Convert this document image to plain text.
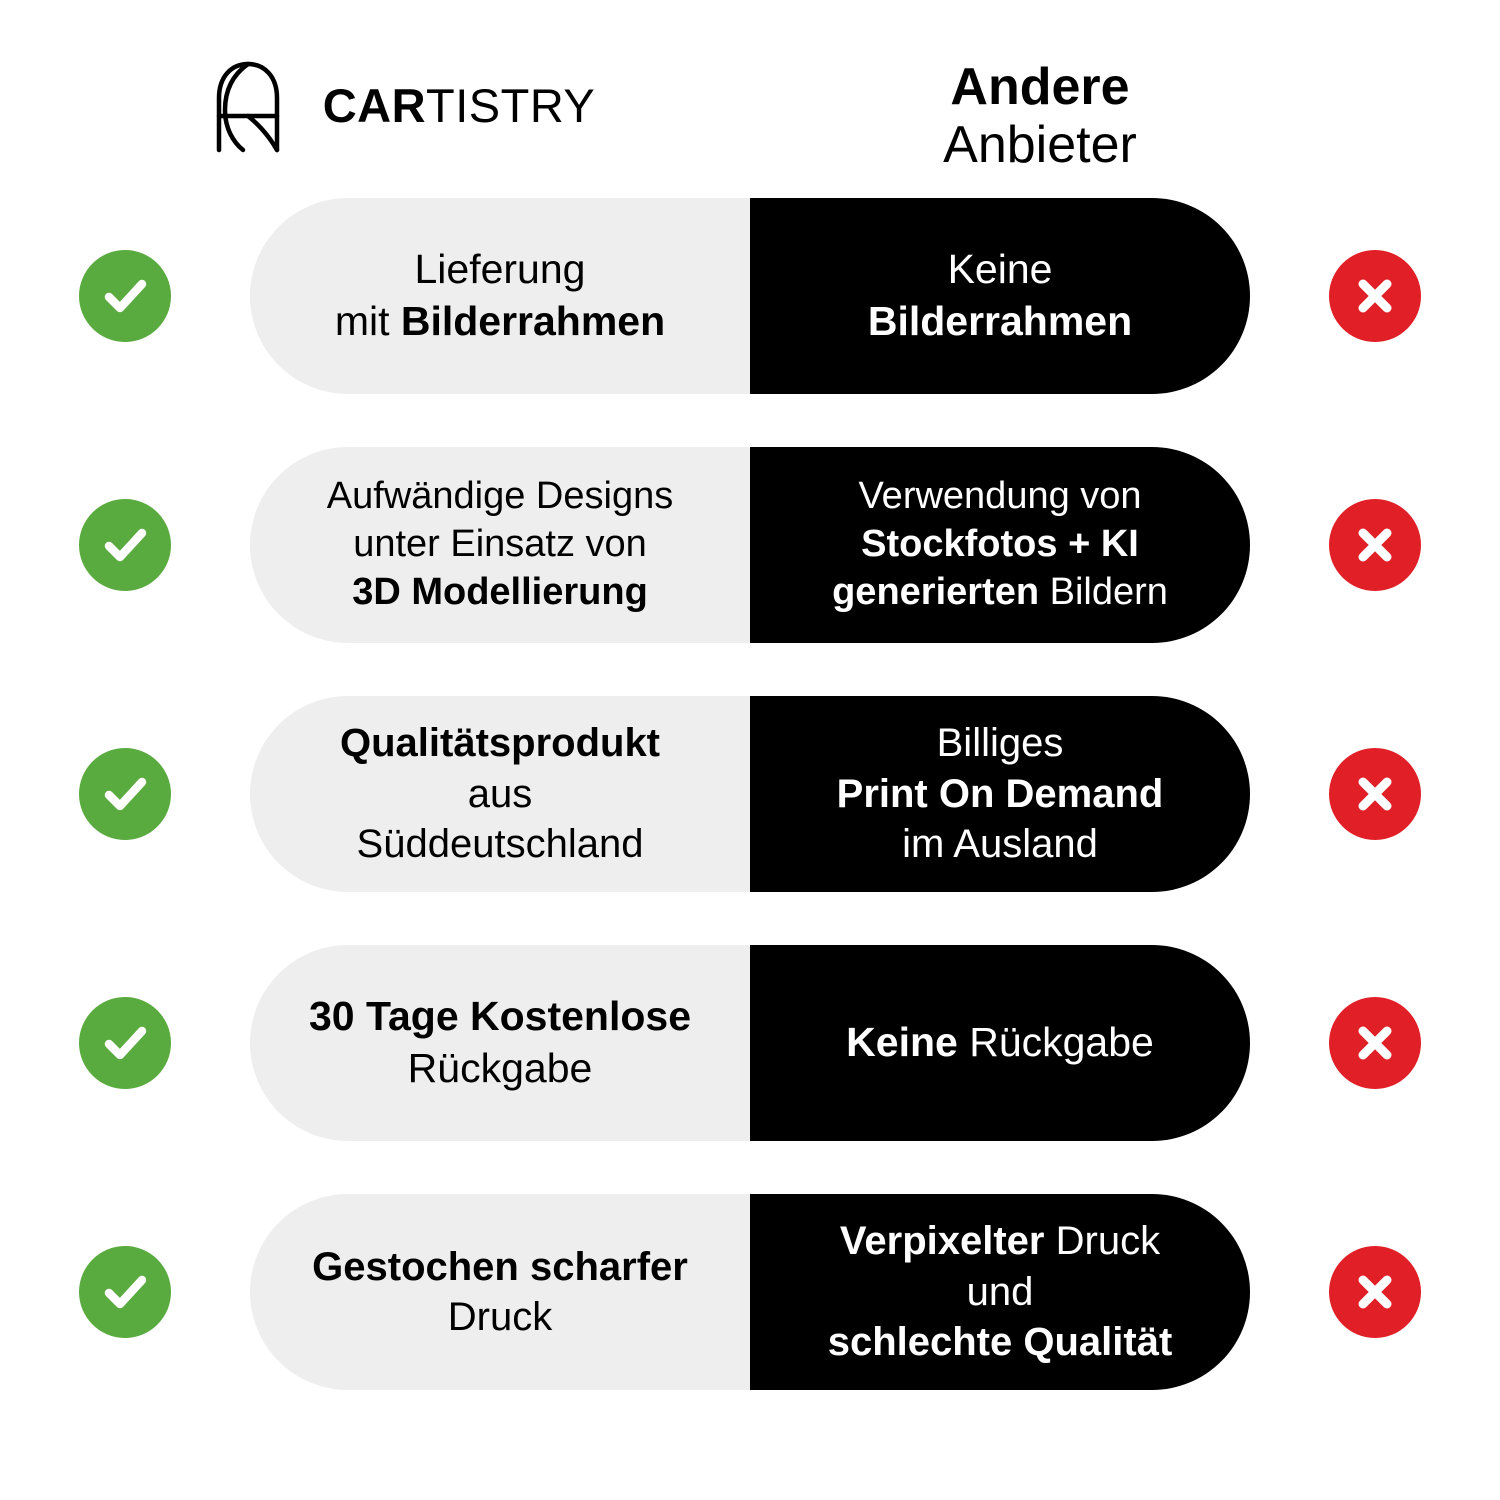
CARTISTRY	Andere
Anbieter
Lieferung
mit Bilderrahmen
Keine
Bilderrahmen
Aufwändige Designs
unter Einsatz von
3D Modellierung
Verwendung von
Stockfotos + KI
generierten Bildern
Qualitätsprodukt
aus
Süddeutschland
Billiges
Print On Demand
im Ausland
30 Tage Kostenlose
Rückgabe
Keine Rückgabe
Gestochen scharfer
Druck
Verpixelter Druck
und
schlechte Qualität
